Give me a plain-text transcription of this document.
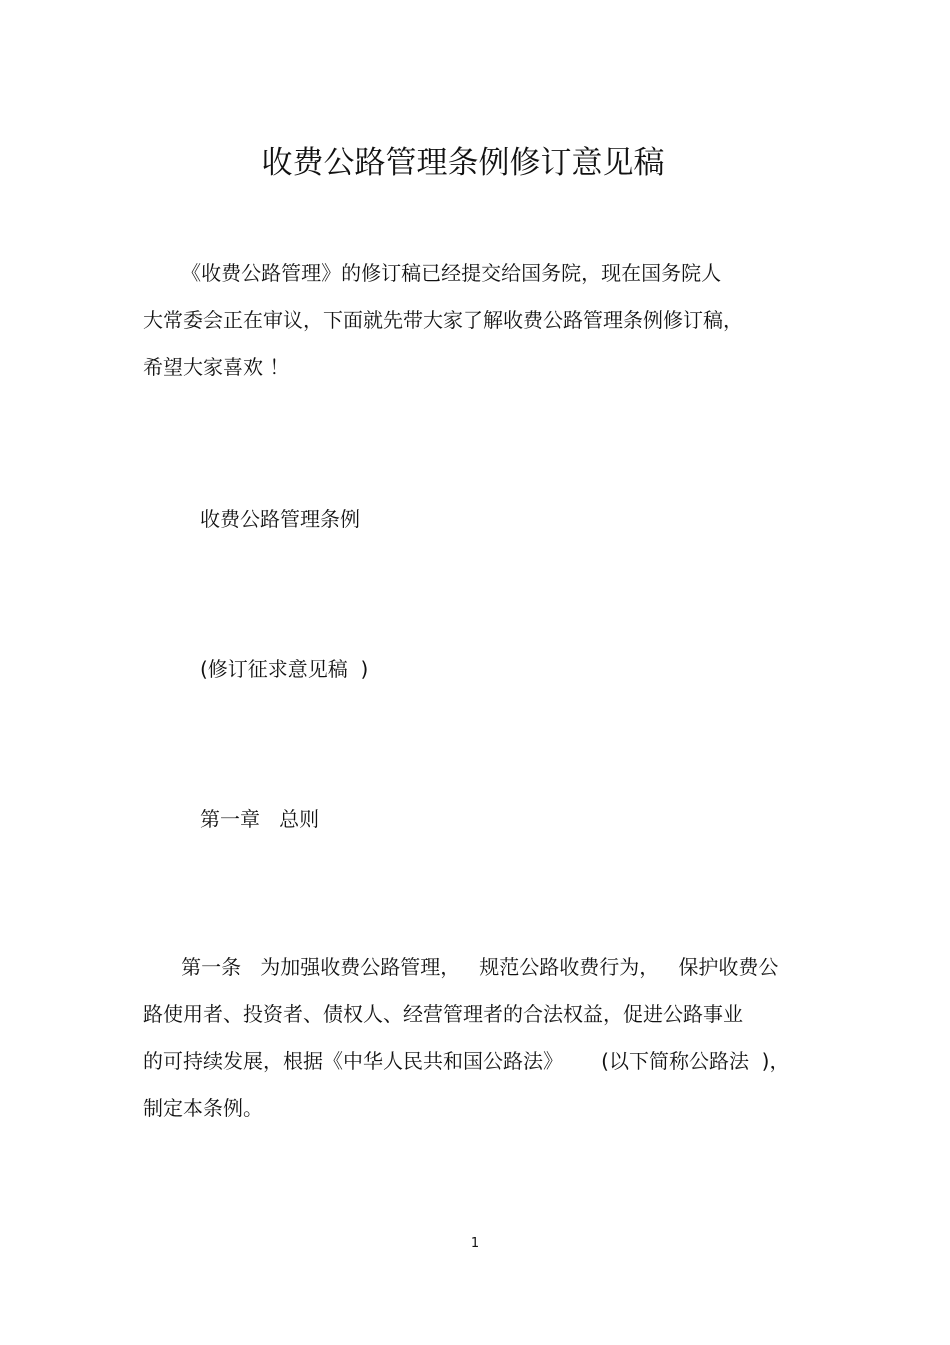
收费公路管理条例修订意见稿
《收费公路管理》的修订稿已经提交给国务院，现在国务院人
大常委会正在审议，下面就先带大家了解收费公路管理条例修订稿，
希望大家喜欢 ！
收费公路管理条例
(修订征求意见稿  )
第一章   总则
第一条   为加强收费公路管理，   规范公路收费行为，   保护收费公
路使用者、投资者、债权人、经营管理者的合法权益，促进公路事业
的可持续发展，根据《中华人民共和国公路法》      (以下简称公路法  )，
制定本条例。
1
